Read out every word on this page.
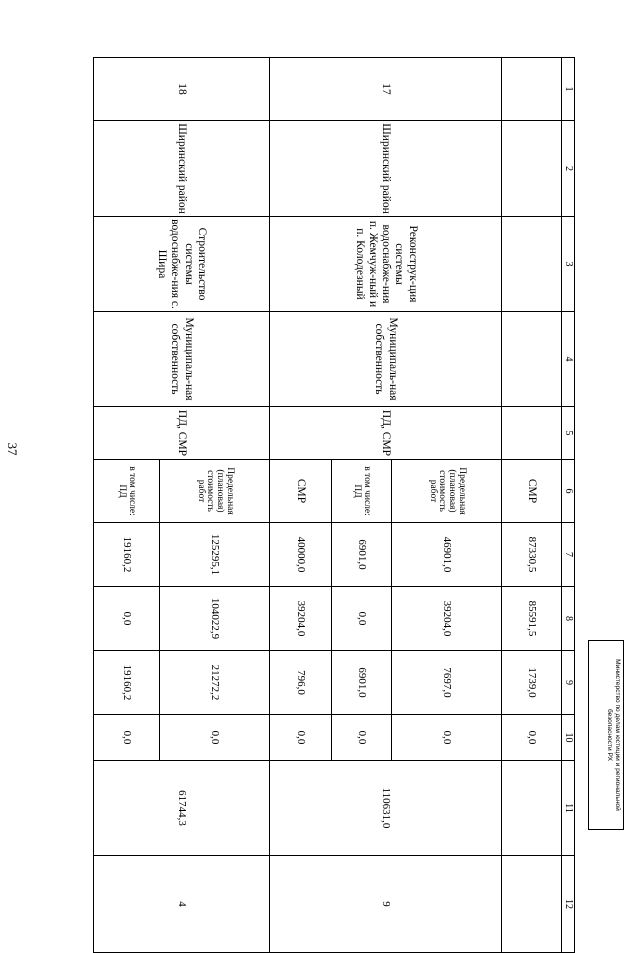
37
1	2	3	4	5	6	7	8	9	10	11	12
					СМР	87330,5	85591,5	1739,0	0,0		
17	Ширинский район	Реконструк-ция системы водоснабже-ния п. Жемчуж-ный и п. Колодезный	Муниципаль-ная собственность	ПД, СМР	Предельная (плановая) стоимость работ	46901,0	39204,0	7697,0	0,0	110631,0	9
					в том числе: ПД	6901,0	0,0	6901,0	0,0		
					СМР	40000,0	39204,0	796,0	0,0		
18	Ширинский район	Строительство системы водоснабже-ния с. Шира	Муниципаль-ная собственность	ПД, СМР	Предельная (плановая) стоимость работ	125295,1	104022,9	21272,2	0,0	61744,3	4
					в том числе: ПД	19160,2	0,0	19160,2	0,0			Министерство по делам юстиции и региональной безопасности РХ
